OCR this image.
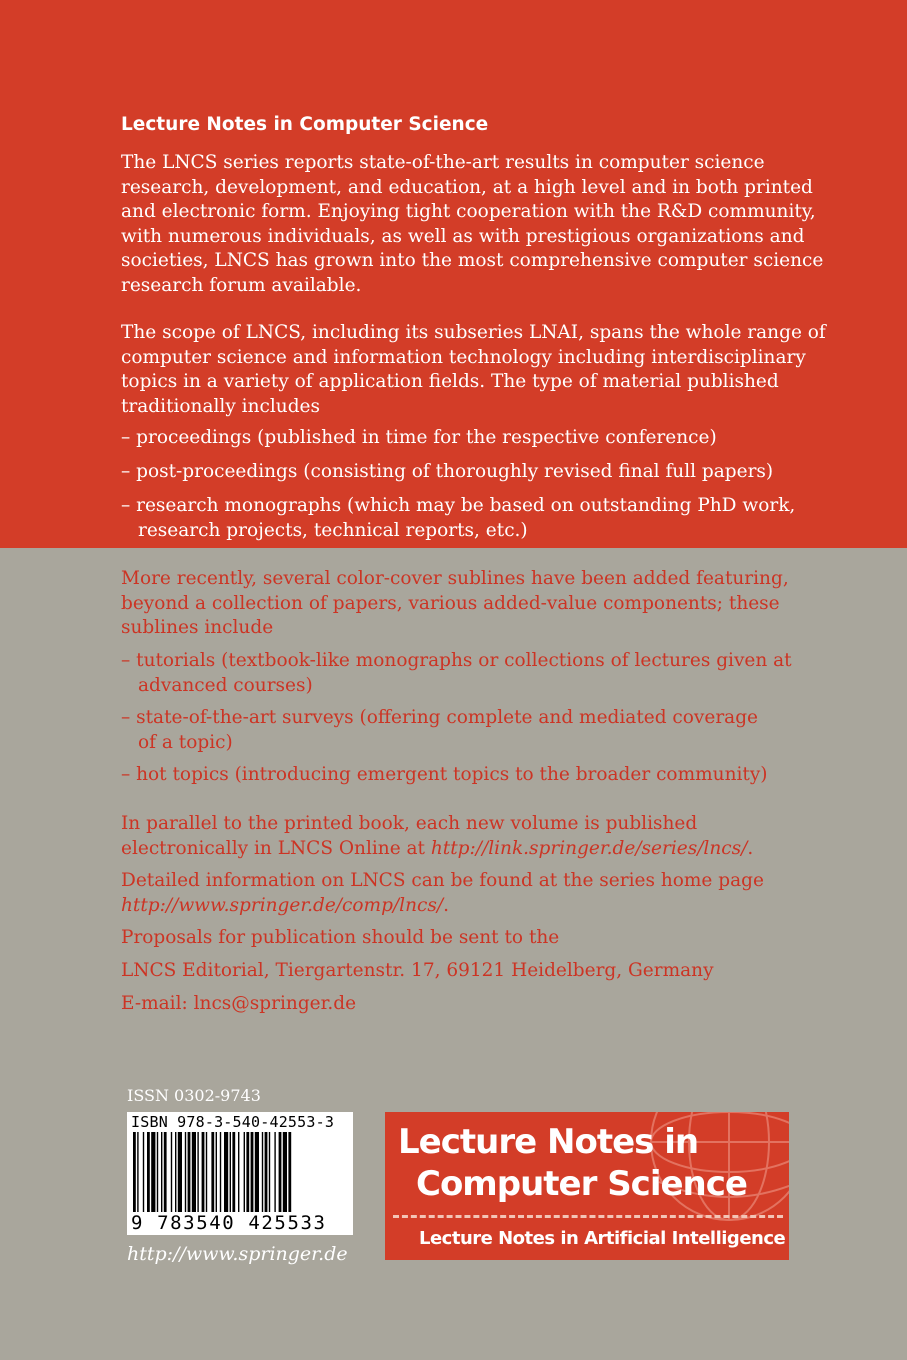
Lecture Notes in Computer Science
The LNCS series reports state-of-the-art results in computer science
research, development, and education, at a high level and in both printed
and electronic form. Enjoying tight cooperation with the R&D community,
with numerous individuals, as well as with prestigious organizations and
societies, LNCS has grown into the most comprehensive computer science
research forum available.
The scope of LNCS, including its subseries LNAI, spans the whole range of
computer science and information technology including interdisciplinary
topics in a variety of application fields. The type of material published
traditionally includes
– proceedings (published in time for the respective conference)
– post-proceedings (consisting of thoroughly revised final full papers)
– research monographs (which may be based on outstanding PhD work,
research projects, technical reports, etc.)
More recently, several color-cover sublines have been added featuring,
beyond a collection of papers, various added-value components; these
sublines include
– tutorials (textbook-like monographs or collections of lectures given at
advanced courses)
– state-of-the-art surveys (offering complete and mediated coverage
of a topic)
– hot topics (introducing emergent topics to the broader community)
In parallel to the printed book, each new volume is published
electronically in LNCS Online at http://link.springer.de/series/lncs/.
Detailed information on LNCS can be found at the series home page
http://www.springer.de/comp/lncs/.
Proposals for publication should be sent to the
LNCS Editorial, Tiergartenstr. 17, 69121 Heidelberg, Germany
E-mail: lncs@springer.de
ISSN 0302-9743
ISBN 978-3-540-42553-3
9 783540 425533
http://www.springer.de
Lecture Notes in
Computer Science
Lecture Notes in Artificial Intelligence
